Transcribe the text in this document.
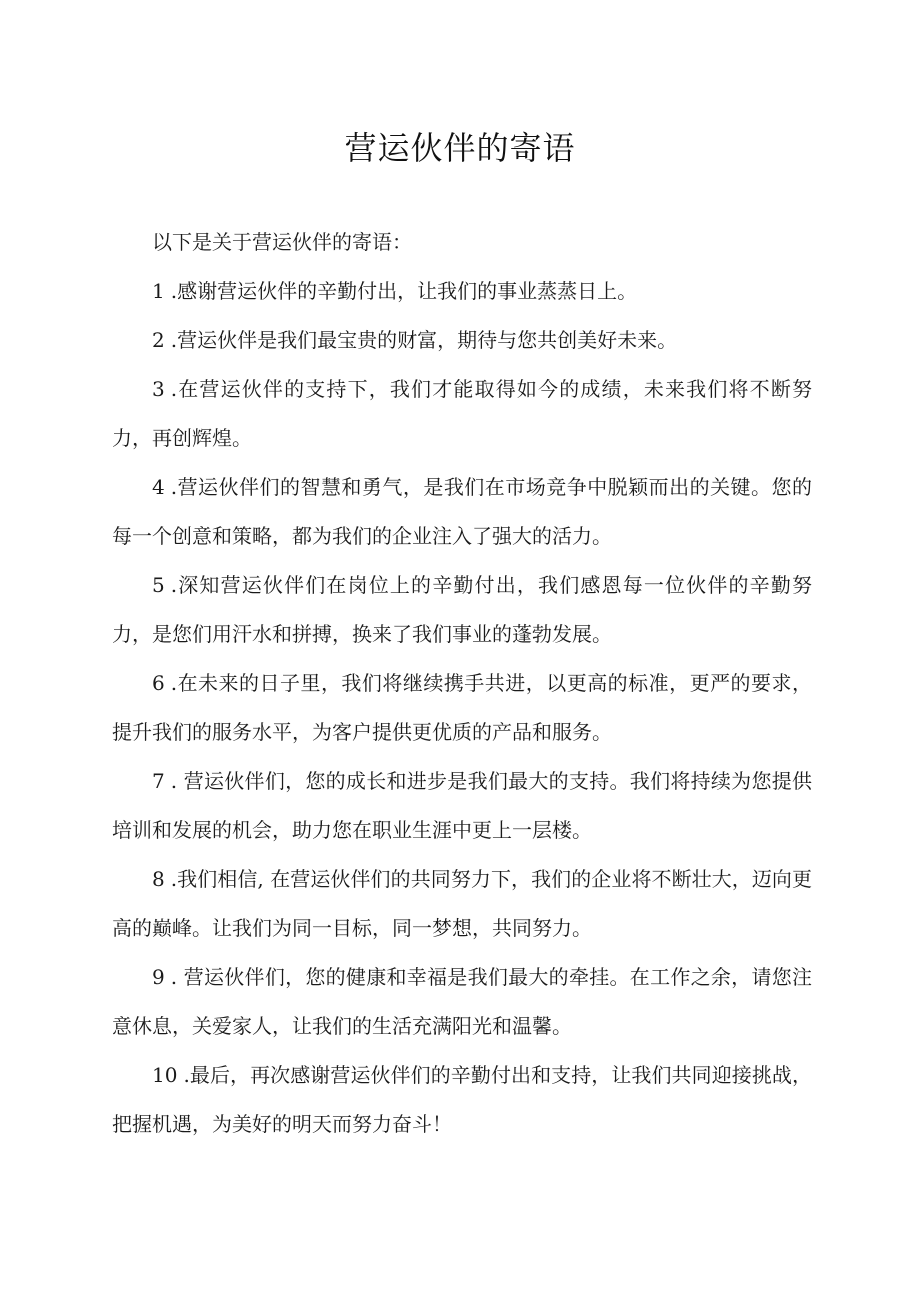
营运伙伴的寄语

以下是关于营运伙伴的寄语：

1 .感谢营运伙伴的辛勤付出，让我们的事业蒸蒸日上。

2 .营运伙伴是我们最宝贵的财富，期待与您共创美好未来。

3 .在营运伙伴的支持下，我们才能取得如今的成绩，未来我们将不断努力，再创辉煌。

4 .营运伙伴们的智慧和勇气，是我们在市场竞争中脱颖而出的关键。您的每一个创意和策略，都为我们的企业注入了强大的活力。

5 .深知营运伙伴们在岗位上的辛勤付出，我们感恩每一位伙伴的辛勤努力，是您们用汗水和拼搏，换来了我们事业的蓬勃发展。

6 .在未来的日子里，我们将继续携手共进，以更高的标准，更严的要求，提升我们的服务水平，为客户提供更优质的产品和服务。

7 . 营运伙伴们，您的成长和进步是我们最大的支持。我们将持续为您提供培训和发展的机会，助力您在职业生涯中更上一层楼。

8 .我们相信, 在营运伙伴们的共同努力下，我们的企业将不断壮大，迈向更高的巅峰。让我们为同一目标，同一梦想，共同努力。

9 . 营运伙伴们，您的健康和幸福是我们最大的牵挂。在工作之余，请您注意休息，关爱家人，让我们的生活充满阳光和温馨。

10 .最后，再次感谢营运伙伴们的辛勤付出和支持，让我们共同迎接挑战，把握机遇，为美好的明天而努力奋斗！
